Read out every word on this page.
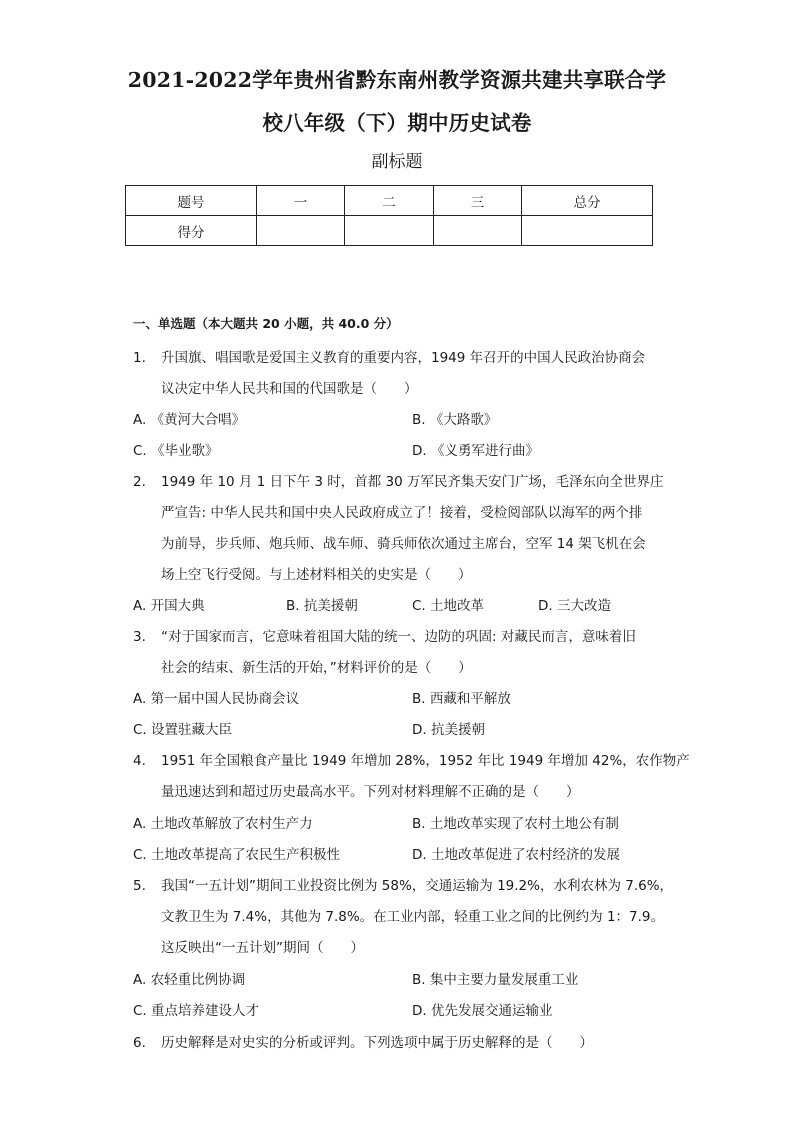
2021-2022学年贵州省黔东南州教学资源共建共享联合学
校八年级（下）期中历史试卷

副标题

题号	一	二	三	总分
得分				

一、单选题（本大题共 20 小题，共 40.0 分）

1. 升国旗、唱国歌是爱国主义教育的重要内容，1949 年召开的中国人民政治协商会
议决定中华人民共和国的代国歌是（　　）
A. 《黄河大合唱》	B. 《大路歌》
C. 《毕业歌》	D. 《义勇军进行曲》
2. 1949 年 10 月 1 日下午 3 时，首都 30 万军民齐集天安门广场，毛泽东向全世界庄
严宣告: 中华人民共和国中央人民政府成立了！接着，受检阅部队以海军的两个排
为前导，步兵师、炮兵师、战车师、骑兵师依次通过主席台，空军 14 架飞机在会
场上空飞行受阅。与上述材料相关的史实是（　　）
A. 开国大典	B. 抗美援朝	C. 土地改革	D. 三大改造
3. “对于国家而言，它意味着祖国大陆的统一、边防的巩固: 对藏民而言，意味着旧
社会的结束、新生活的开始，”材料评价的是（　　）
A. 第一届中国人民协商会议	B. 西藏和平解放
C. 设置驻藏大臣	D. 抗美援朝
4. 1951 年全国粮食产量比 1949 年增加 28%，1952 年比 1949 年增加 42%，农作物产
量迅速达到和超过历史最高水平。下列对材料理解不正确的是（　　）
A. 土地改革解放了农村生产力	B. 土地改革实现了农村土地公有制
C. 土地改革提高了农民生产积极性	D. 土地改革促进了农村经济的发展
5. 我国“一五计划”期间工业投资比例为 58%，交通运输为 19.2%，水利农林为 7.6%，
文教卫生为 7.4%，其他为 7.8%。在工业内部，轻重工业之间的比例约为 1：7.9。
这反映出“一五计划”期间（　　）
A. 农轻重比例协调	B. 集中主要力量发展重工业
C. 重点培养建设人才	D. 优先发展交通运输业
6. 历史解释是对史实的分析或评判。下列选项中属于历史解释的是（　　）
